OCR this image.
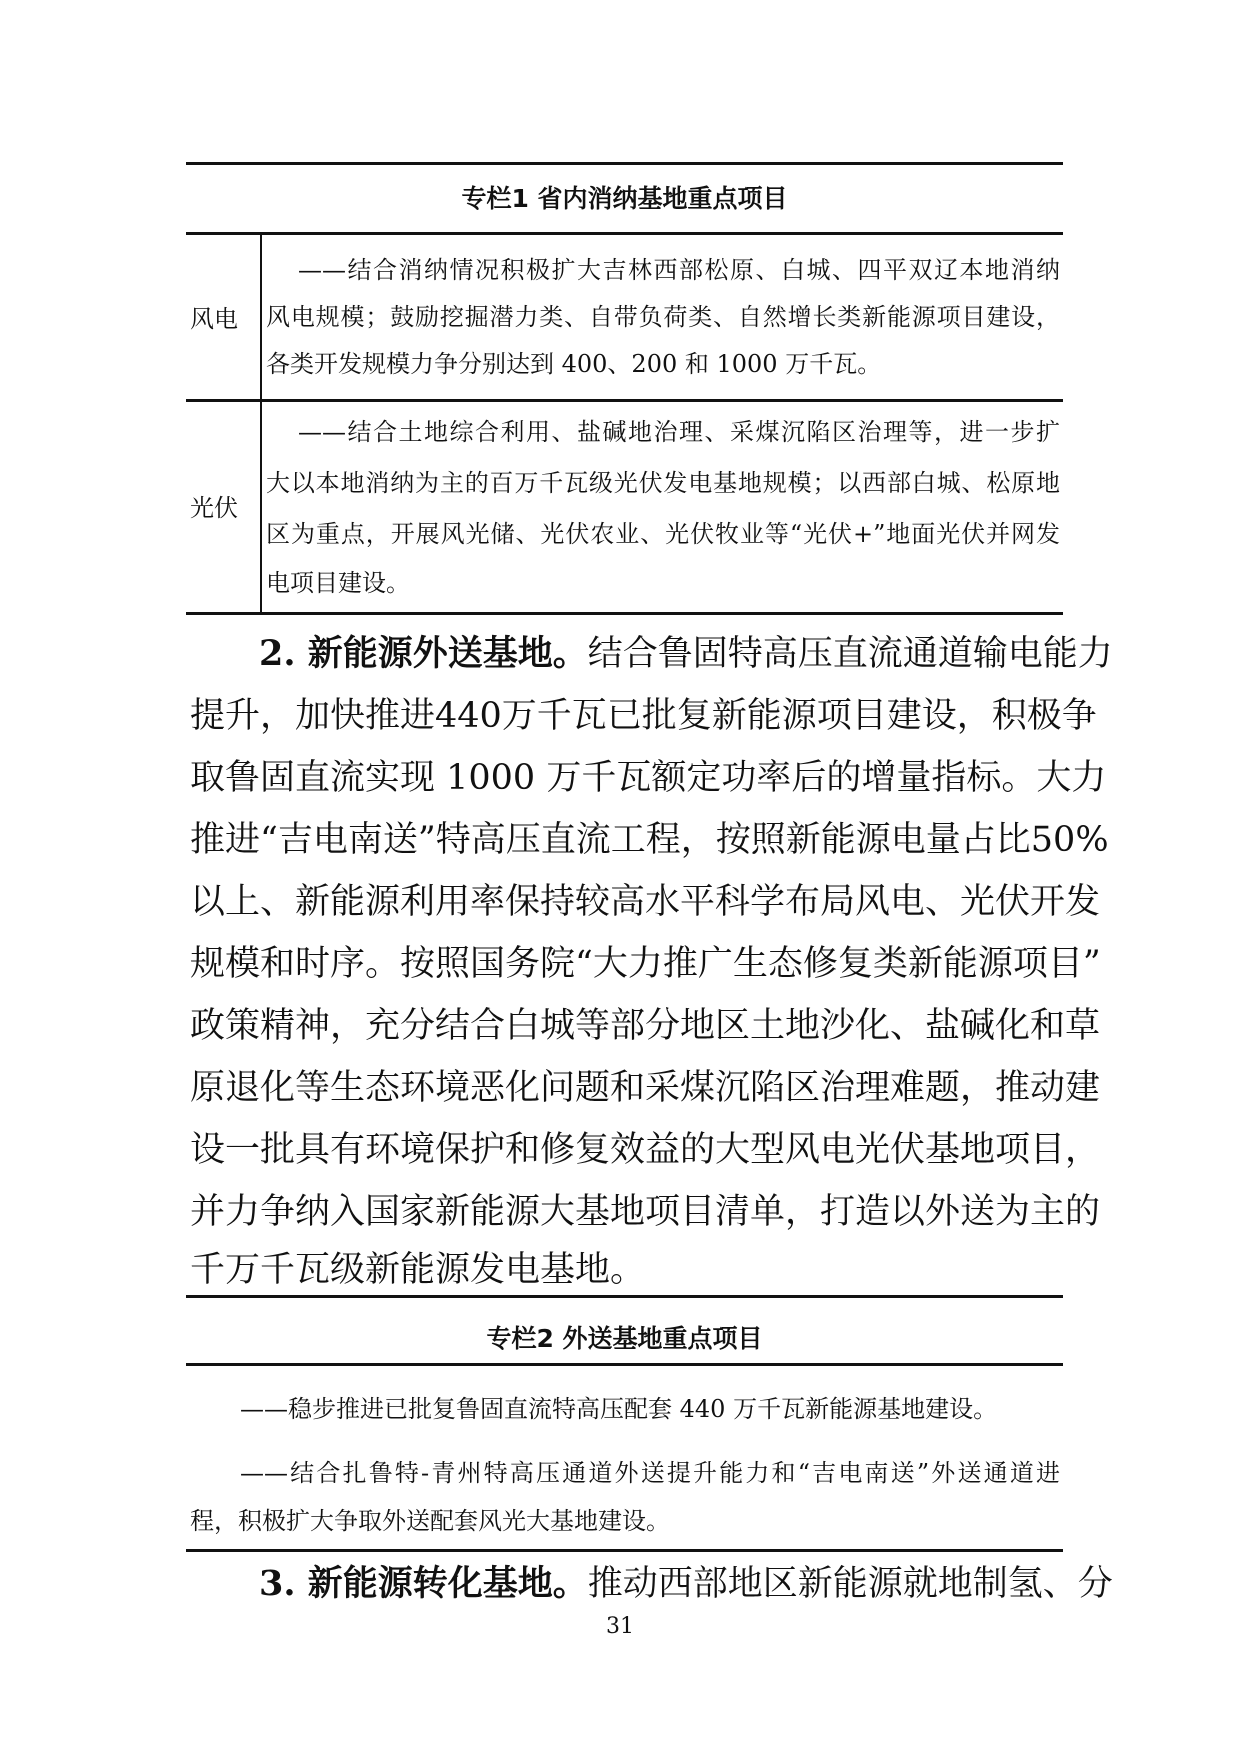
专栏1 省内消纳基地重点项目
风电
——结合消纳情况积极扩大吉林西部松原、白城、四平双辽本地消纳
风电规模；鼓励挖掘潜力类、自带负荷类、自然增长类新能源项目建设，
各类开发规模力争分别达到 400、200 和 1000 万千瓦。
光伏
——结合土地综合利用、盐碱地治理、采煤沉陷区治理等，进一步扩
大以本地消纳为主的百万千瓦级光伏发电基地规模；以西部白城、松原地
区为重点，开展风光储、光伏农业、光伏牧业等“光伏+”地面光伏并网发
电项目建设。
2. 新能源外送基地。结合鲁固特高压直流通道输电能力
提升，加快推进440万千瓦已批复新能源项目建设，积极争
取鲁固直流实现 1000 万千瓦额定功率后的增量指标。大力
推进“吉电南送”特高压直流工程，按照新能源电量占比50%
以上、新能源利用率保持较高水平科学布局风电、光伏开发
规模和时序。按照国务院“大力推广生态修复类新能源项目”
政策精神，充分结合白城等部分地区土地沙化、盐碱化和草
原退化等生态环境恶化问题和采煤沉陷区治理难题，推动建
设一批具有环境保护和修复效益的大型风电光伏基地项目，
并力争纳入国家新能源大基地项目清单，打造以外送为主的
千万千瓦级新能源发电基地。
专栏2 外送基地重点项目
——稳步推进已批复鲁固直流特高压配套 440 万千瓦新能源基地建设。
——结合扎鲁特-青州特高压通道外送提升能力和“吉电南送”外送通道进
程，积极扩大争取外送配套风光大基地建设。
3. 新能源转化基地。推动西部地区新能源就地制氢、分
31
